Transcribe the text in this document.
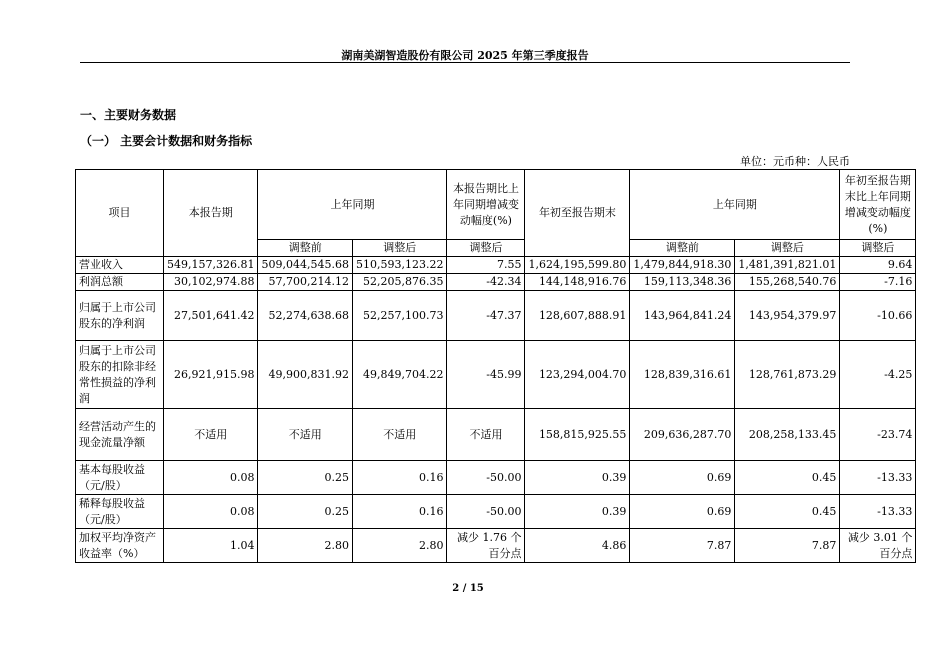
湖南美湖智造股份有限公司 2025 年第三季度报告
一、主要财务数据
（一） 主要会计数据和财务指标
单位：元币种：人民币
项目	本报告期	上年同期		本报告期比上年同期增减变动幅度(%)	年初至报告期末	上年同期		年初至报告期末比上年同期增减变动幅度(%)
		调整前	调整后	调整后		调整前	调整后	调整后
营业收入	549,157,326.81	509,044,545.68	510,593,123.22	7.55	1,624,195,599.80	1,479,844,918.30	1,481,391,821.01	9.64
利润总额	30,102,974.88	57,700,214.12	52,205,876.35	-42.34	144,148,916.76	159,113,348.36	155,268,540.76	-7.16
归属于上市公司股东的净利润	27,501,641.42	52,274,638.68	52,257,100.73	-47.37	128,607,888.91	143,964,841.24	143,954,379.97	-10.66
归属于上市公司股东的扣除非经常性损益的净利润	26,921,915.98	49,900,831.92	49,849,704.22	-45.99	123,294,004.70	128,839,316.61	128,761,873.29	-4.25
经营活动产生的现金流量净额	不适用	不适用	不适用	不适用	158,815,925.55	209,636,287.70	208,258,133.45	-23.74
基本每股收益（元/股）	0.08	0.25	0.16	-50.00	0.39	0.69	0.45	-13.33
稀释每股收益（元/股）	0.08	0.25	0.16	-50.00	0.39	0.69	0.45	-13.33
加权平均净资产收益率（%）	1.04	2.80	2.80	减少 1.76 个百分点	4.86	7.87	7.87	减少 3.01 个百分点
2 / 15
